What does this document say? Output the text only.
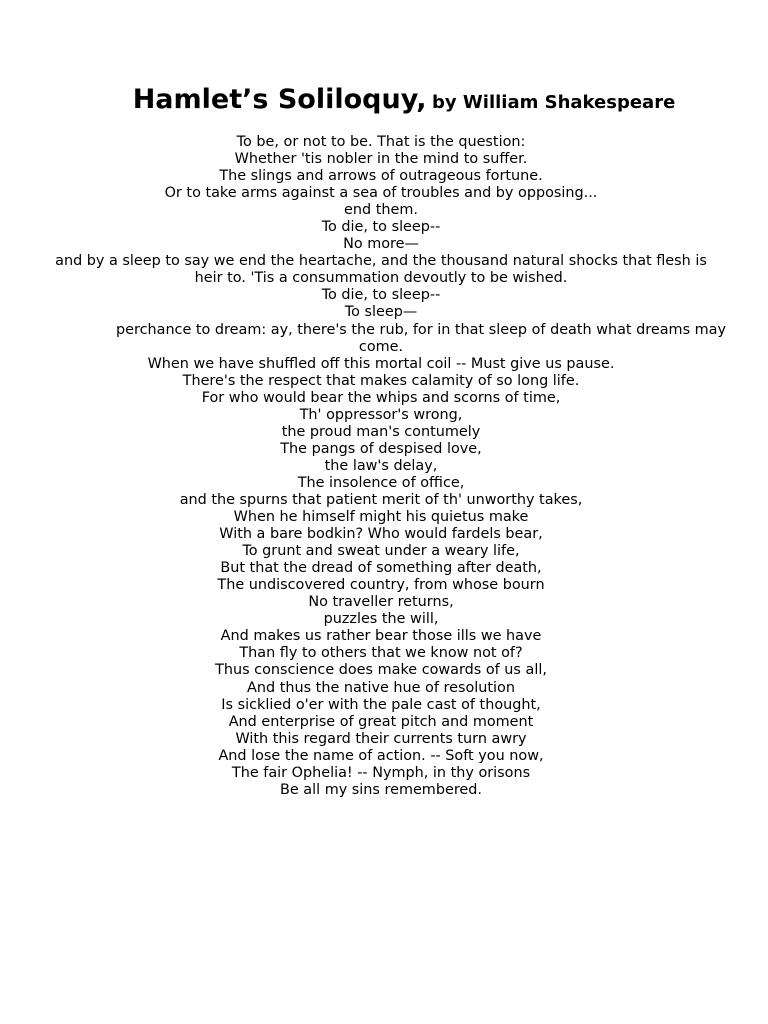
Hamlet’s Soliloquy, by William Shakespeare
To be, or not to be. That is the question:
Whether 'tis nobler in the mind to suffer.
The slings and arrows of outrageous fortune.
Or to take arms against a sea of troubles and by opposing...
end them.
To die, to sleep--
No more—
and by a sleep to say we end the heartache, and the thousand natural shocks that flesh is
heir to. 'Tis a consummation devoutly to be wished.
To die, to sleep--
To sleep—
perchance to dream: ay, there's the rub, for in that sleep of death what dreams may
come.
When we have shuffled off this mortal coil -- Must give us pause.
There's the respect that makes calamity of so long life.
For who would bear the whips and scorns of time,
Th' oppressor's wrong,
the proud man's contumely
The pangs of despised love,
the law's delay,
The insolence of office,
and the spurns that patient merit of th' unworthy takes,
When he himself might his quietus make
With a bare bodkin? Who would fardels bear,
To grunt and sweat under a weary life,
But that the dread of something after death,
The undiscovered country, from whose bourn
No traveller returns,
puzzles the will,
And makes us rather bear those ills we have
Than fly to others that we know not of?
Thus conscience does make cowards of us all,
And thus the native hue of resolution
Is sicklied o'er with the pale cast of thought,
And enterprise of great pitch and moment
With this regard their currents turn awry
And lose the name of action. -- Soft you now,
The fair Ophelia! -- Nymph, in thy orisons
Be all my sins remembered.
